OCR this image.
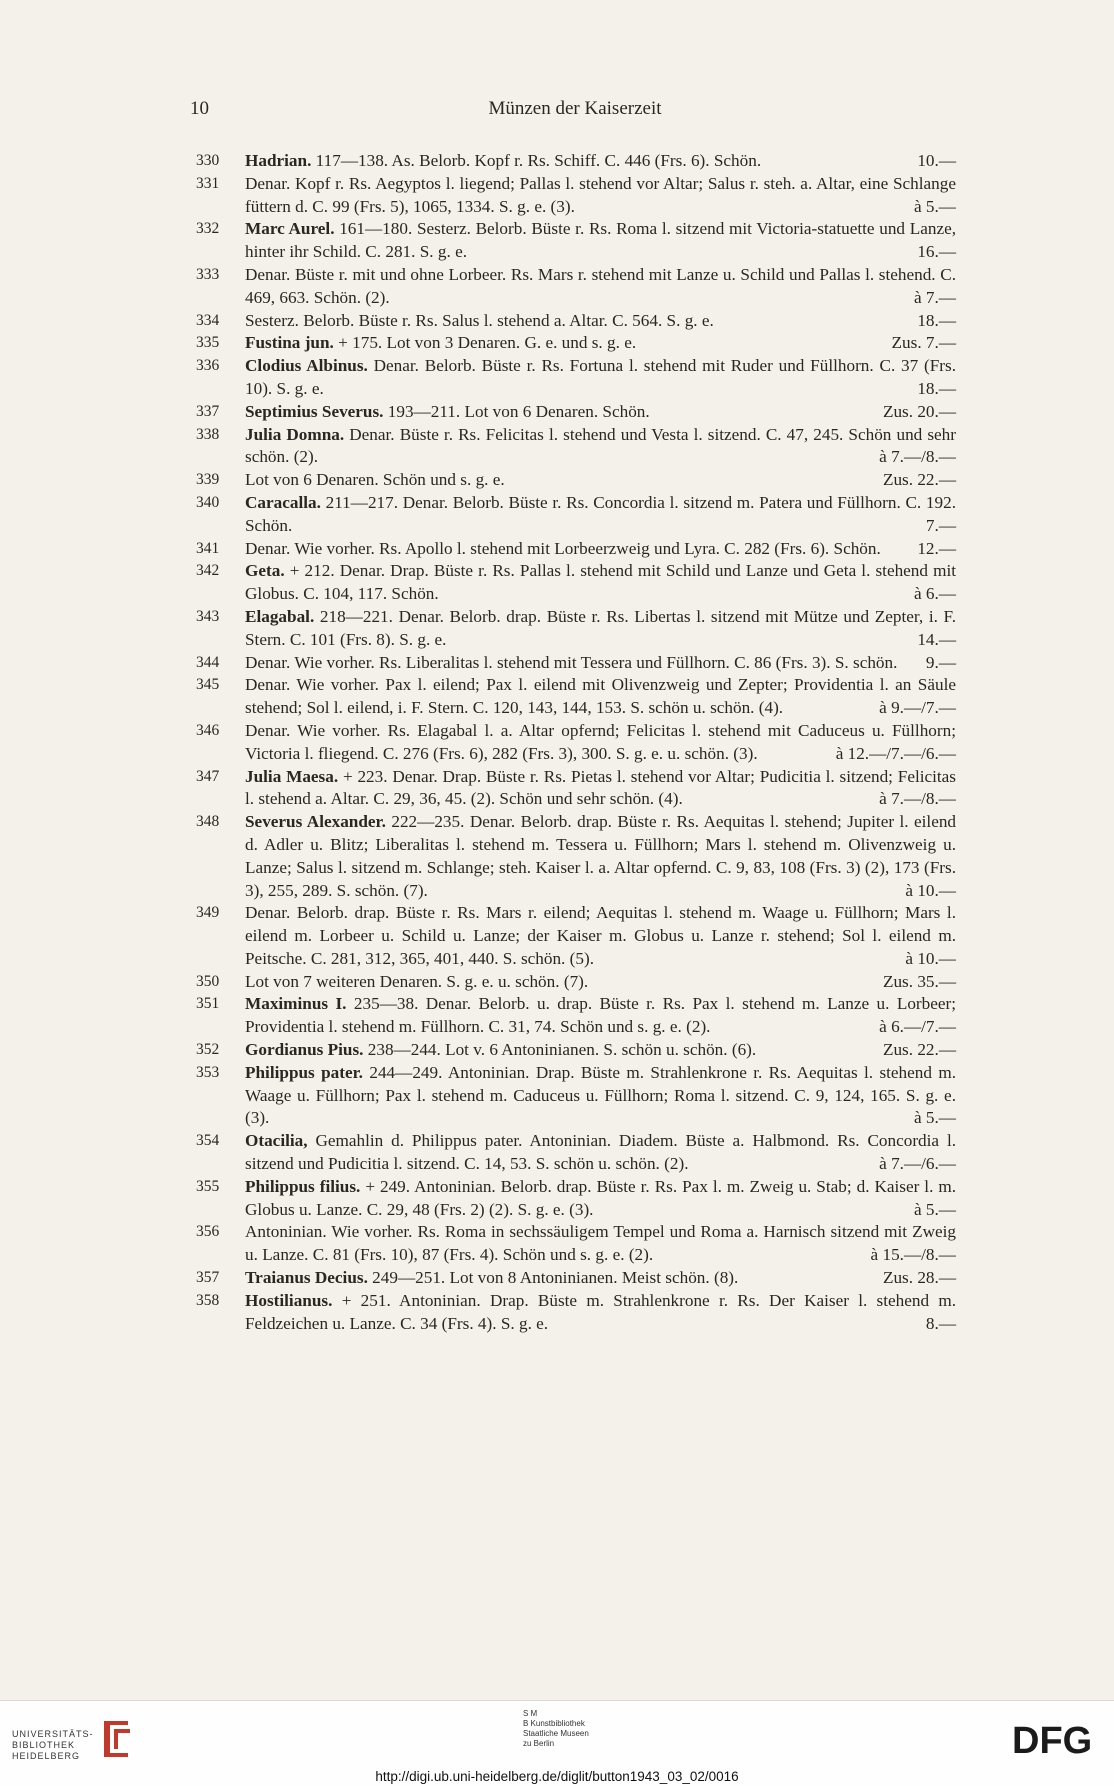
10	Münzen der Kaiserzeit
330 Hadrian. 117—138. As. Belorb. Kopf r. Rs. Schiff. C. 446 (Frs. 6). Schön.	10.—
331 Denar. Kopf r. Rs. Aegyptos l. liegend; Pallas l. stehend vor Altar; Salus r. steh. a. Altar, eine Schlange füttern d. C. 99 (Frs. 5), 1065, 1334. S. g. e. (3).	à 5.—
332 Marc Aurel. 161—180. Sesterz. Belorb. Büste r. Rs. Roma l. sitzend mit Victoria-statuette und Lanze, hinter ihr Schild. C. 281. S. g. e.	16.—
333 Denar. Büste r. mit und ohne Lorbeer. Rs. Mars r. stehend mit Lanze u. Schild und Pallas l. stehend. C. 469, 663. Schön. (2).	à 7.—
334 Sesterz. Belorb. Büste r. Rs. Salus l. stehend a. Altar. C. 564. S. g. e.	18.—
335 Fustina jun. + 175. Lot von 3 Denaren. G. e. und s. g. e.	Zus. 7.—
336 Clodius Albinus. Denar. Belorb. Büste r. Rs. Fortuna l. stehend mit Ruder und Füllhorn. C. 37 (Frs. 10). S. g. e.	18.—
337 Septimius Severus. 193—211. Lot von 6 Denaren. Schön.	Zus. 20.—
338 Julia Domna. Denar. Büste r. Rs. Felicitas l. stehend und Vesta l. sitzend. C. 47, 245. Schön und sehr schön. (2).	à 7.—/8.—
339 Lot von 6 Denaren. Schön und s. g. e.	Zus. 22.—
340 Caracalla. 211—217. Denar. Belorb. Büste r. Rs. Concordia l. sitzend m. Patera und Füllhorn. C. 192. Schön.	7.—
341 Denar. Wie vorher. Rs. Apollo l. stehend mit Lorbeerzweig und Lyra. C. 282 (Frs. 6). Schön.	12.—
342 Geta. + 212. Denar. Drap. Büste r. Rs. Pallas l. stehend mit Schild und Lanze und Geta l. stehend mit Globus. C. 104, 117. Schön.	à 6.—
343 Elagabal. 218—221. Denar. Belorb. drap. Büste r. Rs. Libertas l. sitzend mit Mütze und Zepter, i. F. Stern. C. 101 (Frs. 8). S. g. e.	14.—
344 Denar. Wie vorher. Rs. Liberalitas l. stehend mit Tessera und Füllhorn. C. 86 (Frs. 3). S. schön.	9.—
345 Denar. Wie vorher. Pax l. eilend; Pax l. eilend mit Olivenzweig und Zepter; Providentia l. an Säule stehend; Sol l. eilend, i. F. Stern. C. 120, 143, 144, 153. S. schön u. schön. (4).	à 9.—/7.—
346 Denar. Wie vorher. Rs. Elagabal l. a. Altar opfernd; Felicitas l. stehend mit Caduceus u. Füllhorn; Victoria l. fliegend. C. 276 (Frs. 6), 282 (Frs. 3), 300. S. g. e. u. schön. (3).	à 12.—/7.—/6.—
347 Julia Maesa. + 223. Denar. Drap. Büste r. Rs. Pietas l. stehend vor Altar; Pudicitia l. sitzend; Felicitas l. stehend a. Altar. C. 29, 36, 45. (2). Schön und sehr schön. (4).	à 7.—/8.—
348 Severus Alexander. 222—235. Denar. Belorb. drap. Büste r. Rs. Aequitas l. stehend; Jupiter l. eilend d. Adler u. Blitz; Liberalitas l. stehend m. Tessera u. Füllhorn; Mars l. stehend m. Olivenzweig u. Lanze; Salus l. sitzend m. Schlange; steh. Kaiser l. a. Altar opfernd. C. 9, 83, 108 (Frs. 3) (2), 173 (Frs. 3), 255, 289. S. schön. (7).	à 10.—
349 Denar. Belorb. drap. Büste r. Rs. Mars r. eilend; Aequitas l. stehend m. Waage u. Füllhorn; Mars l. eilend m. Lorbeer u. Schild u. Lanze; der Kaiser m. Globus u. Lanze r. stehend; Sol l. eilend m. Peitsche. C. 281, 312, 365, 401, 440. S. schön. (5).	à 10.—
350 Lot von 7 weiteren Denaren. S. g. e. u. schön. (7).	Zus. 35.—
351 Maximinus I. 235—38. Denar. Belorb. u. drap. Büste r. Rs. Pax l. stehend m. Lanze u. Lorbeer; Providentia l. stehend m. Füllhorn. C. 31, 74. Schön und s. g. e. (2).	à 6.—/7.—
352 Gordianus Pius. 238—244. Lot v. 6 Antoninianen. S. schön u. schön. (6).	Zus. 22.—
353 Philippus pater. 244—249. Antoninian. Drap. Büste m. Strahlenkrone r. Rs. Aequitas l. stehend m. Waage u. Füllhorn; Pax l. stehend m. Caduceus u. Füllhorn; Roma l. sitzend. C. 9, 124, 165. S. g. e. (3).	à 5.—
354 Otacilia, Gemahlin d. Philippus pater. Antoninian. Diadem. Büste a. Halbmond. Rs. Concordia l. sitzend und Pudicitia l. sitzend. C. 14, 53. S. schön u. schön. (2).	à 7.—/6.—
355 Philippus filius. + 249. Antoninian. Belorb. drap. Büste r. Rs. Pax l. m. Zweig u. Stab; d. Kaiser l. m. Globus u. Lanze. C. 29, 48 (Frs. 2) (2). S. g. e. (3).	à 5.—
356 Antoninian. Wie vorher. Rs. Roma in sechssäuligem Tempel und Roma a. Harnisch sitzend mit Zweig u. Lanze. C. 81 (Frs. 10), 87 (Frs. 4). Schön und s. g. e. (2).	à 15.—/8.—
357 Traianus Decius. 249—251. Lot von 8 Antoninianen. Meist schön. (8).	Zus. 28.—
358 Hostilianus. + 251. Antoninian. Drap. Büste m. Strahlenkrone r. Rs. Der Kaiser l. stehend m. Feldzeichen u. Lanze. C. 34 (Frs. 4). S. g. e.	8.—
UNIVERSITÄTS-
BIBLIOTHEK
HEIDELBERG
S M
B Kunstbibliothek
Staatliche Museen
zu Berlin	DFG
http://digi.ub.uni-heidelberg.de/diglit/button1943_03_02/0016
